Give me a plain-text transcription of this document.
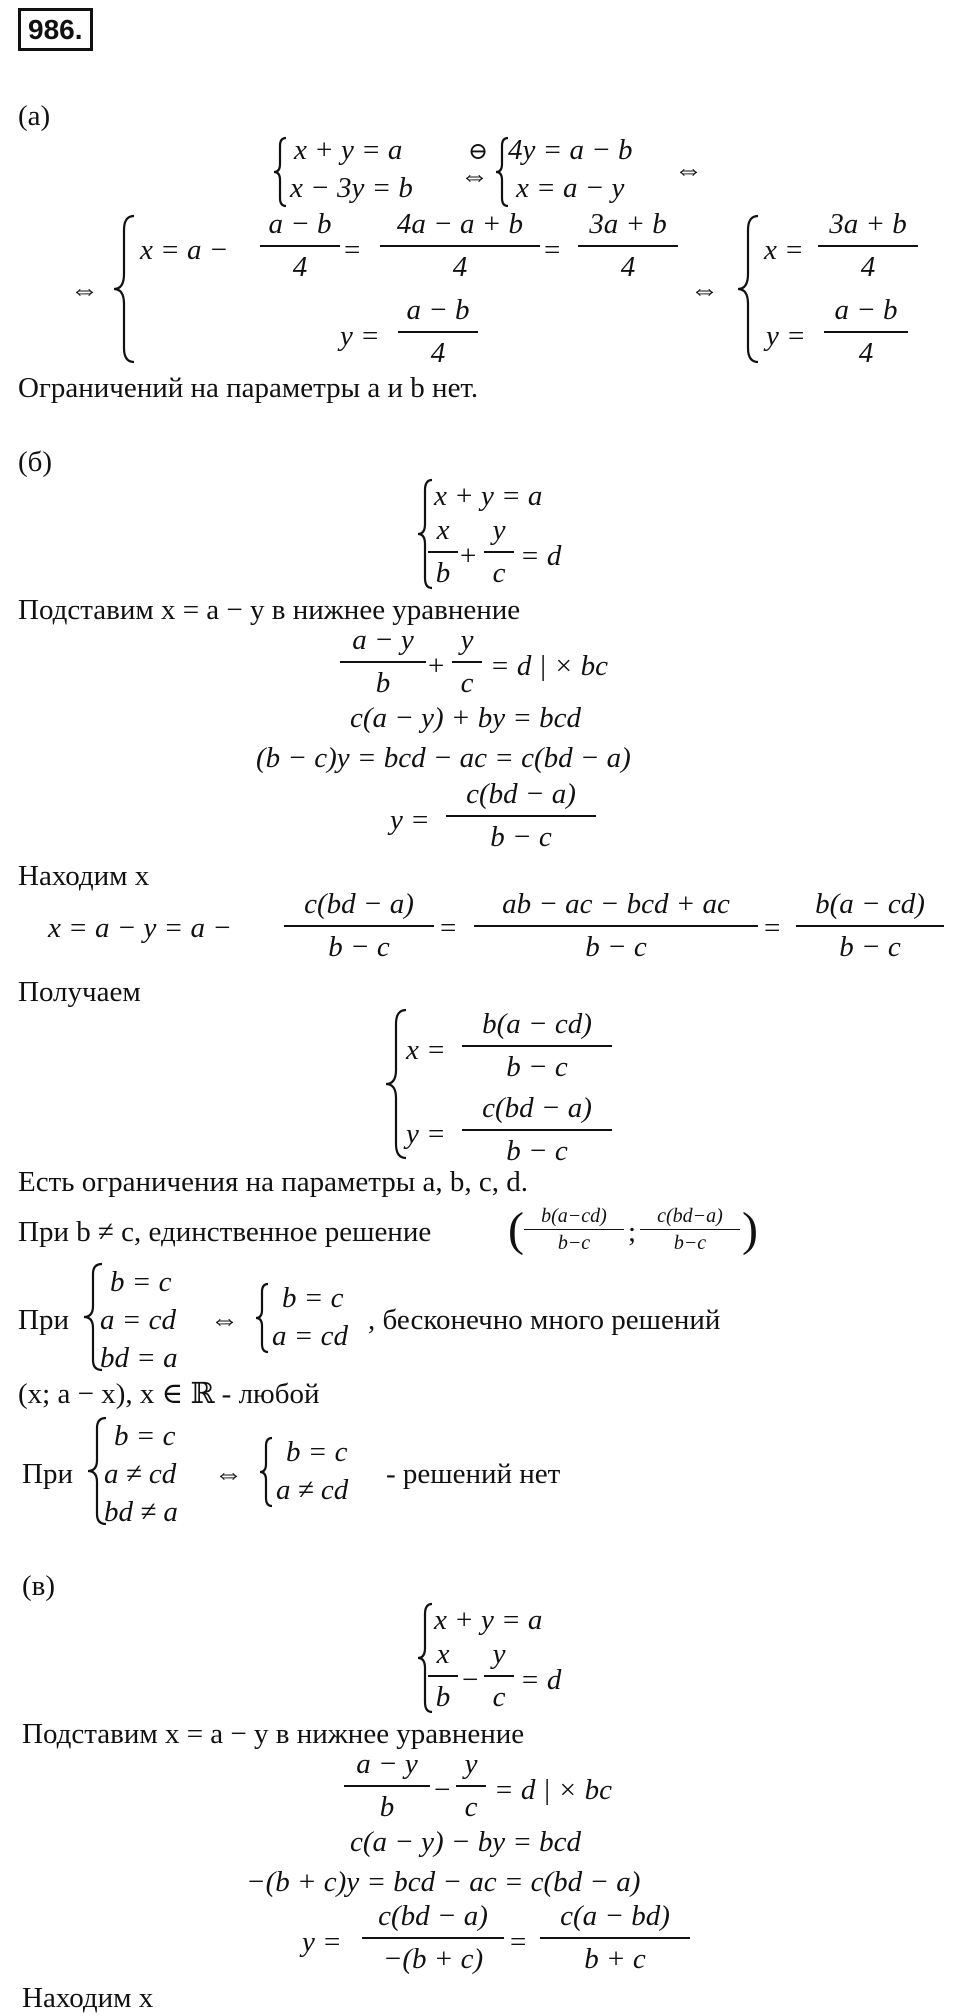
986.
(а)
x + y = a
x − 3y = b
⊖
⇔
4y = a − b
x = a − y
⇔
⇔
$x = a - \frac{a - b}{4} = \frac{4a - a + b}{4} = \frac{3a + b}{4}$
$y = \frac{a - b}{4}$
⇔
$x = \frac{3a + b}{4}$
$y = \frac{a - b}{4}$
Ограничений на параметры a и b нет.
(б)
x + y = a
$\frac{x}{b} + \frac{y}{c} = d$
Подставим x = a − y в нижнее уравнение
$\frac{a - y}{b} + \frac{y}{c} = d$ | × bc
c(a − y) + by = bcd
(b − c)y = bcd − ac = c(bd − a)
$y = \frac{c(bd - a)}{b - c}$
Находим x
$x = a - y = a - \frac{c(bd - a)}{b - c}$ =
ab − ac − bcd + ac
b − c
= $\frac{b(a - cd)}{b - c}$
Получаем
$x = \frac{b(a - cd)}{b - c}$
$y = \frac{c(bd - a)}{b - c}$
Есть ограничения на параметры a, b, c, d.
При b ≠ c, единственное решение ( $\frac{b(a-cd)}{b-c}$ ; $\frac{c(bd-a)}{b-c}$ )
При
b = c
a = cd
bd = a
⇔
b = c
a = cd , бесконечно много решений
(x; a − x), x ∈ ℝ - любой
При
b = c
a ≠ cd
bd ≠ a
⇔
b = c
a ≠ cd - решений нет
(в)
x + y = a
$\frac{x}{b} - \frac{y}{c} = d$
Подставим x = a − y в нижнее уравнение
$\frac{a - y}{b} - \frac{y}{c} = d$ | × bc
c(a − y) − by = bcd
−(b + c)y = bcd − ac = c(bd − a)
$y = \frac{c(bd - a)}{-(b + c)} = \frac{c(a - bd)}{b + c}$
Находим x
